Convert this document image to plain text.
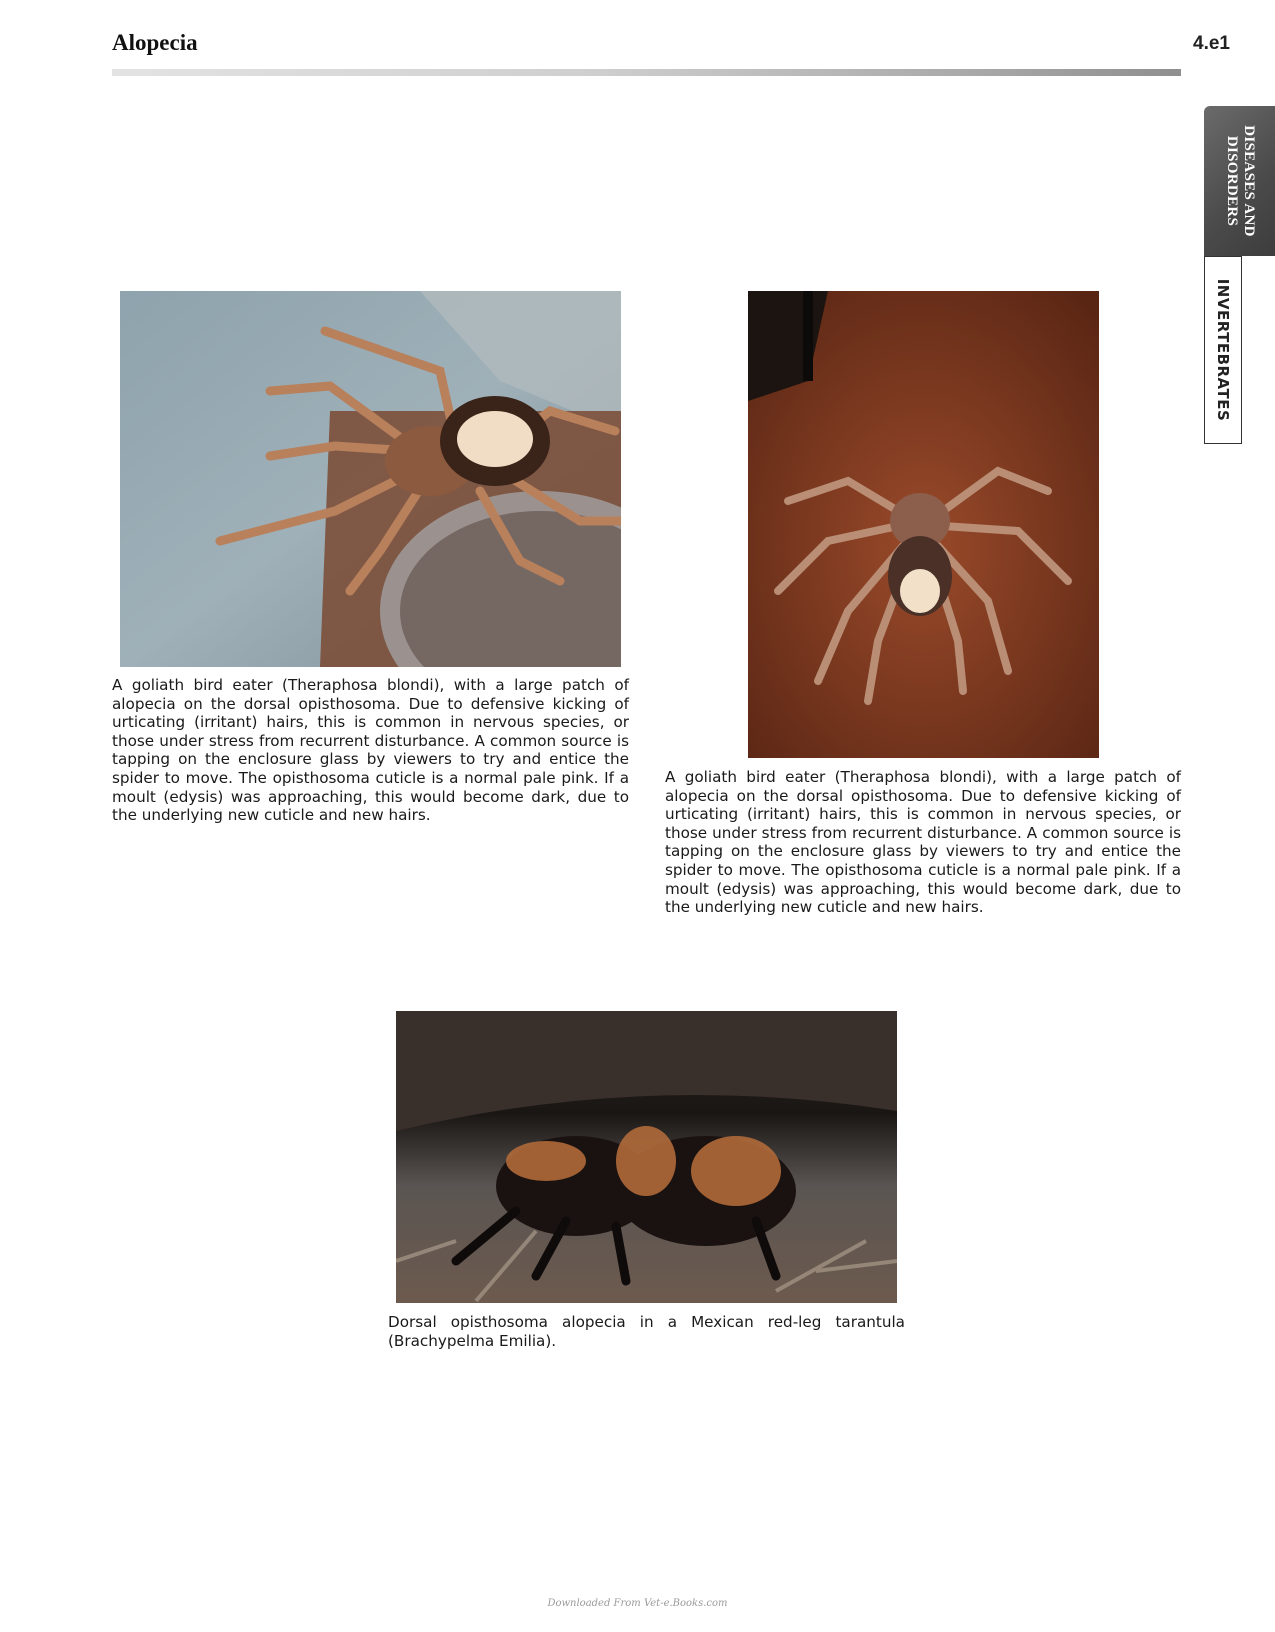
Alopecia	4.e1
DISEASES AND DISORDERS
INVERTEBRATES
A goliath bird eater (Theraphosa blondi), with a large patch of alopecia on the dorsal opisthosoma. Due to defensive kicking of urticating (irritant) hairs, this is common in nervous species, or those under stress from recurrent disturbance. A common source is tapping on the enclosure glass by viewers to try and entice the spider to move. The opisthosoma cuticle is a normal pale pink. If a moult (edysis) was approaching, this would become dark, due to the underlying new cuticle and new hairs.
A goliath bird eater (Theraphosa blondi), with a large patch of alopecia on the dorsal opisthosoma. Due to defensive kicking of urticating (irritant) hairs, this is common in nervous species, or those under stress from recurrent disturbance. A common source is tapping on the enclosure glass by viewers to try and entice the spider to move. The opisthosoma cuticle is a normal pale pink. If a moult (edysis) was approaching, this would become dark, due to the underlying new cuticle and new hairs.
Dorsal opisthosoma alopecia in a Mexican red-leg tarantula (Brachypelma Emilia).
Downloaded From Vet-e.Books.com
